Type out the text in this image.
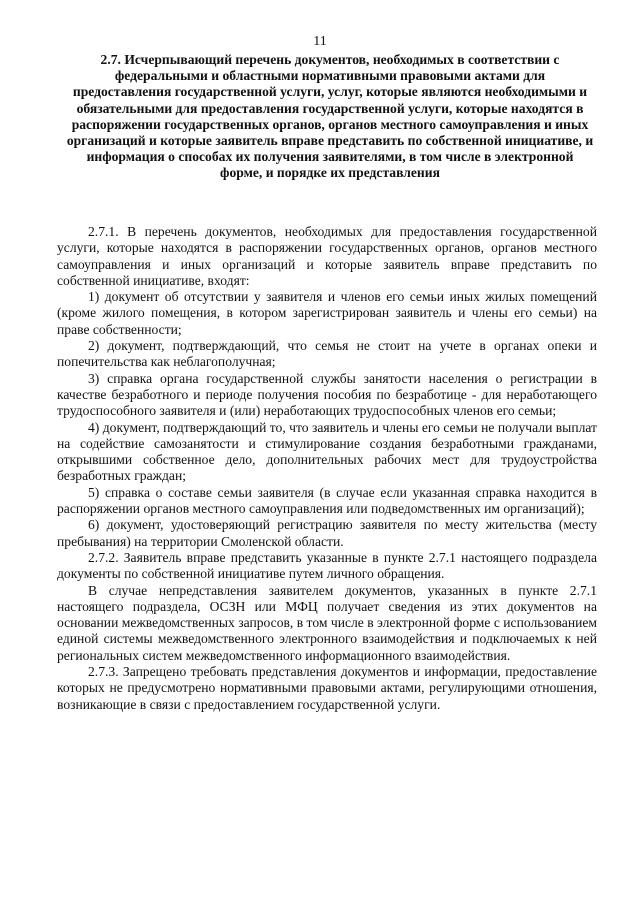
11
2.7. Исчерпывающий перечень документов, необходимых в соответствии с федеральными и областными нормативными правовыми актами для предоставления государственной услуги, услуг, которые являются необходимыми и обязательными для предоставления государственной услуги, которые находятся в распоряжении государственных органов, органов местного самоуправления и иных организаций и которые заявитель вправе представить по собственной инициативе, и информация о способах их получения заявителями, в том числе в электронной форме, и порядке их представления

2.7.1. В перечень документов, необходимых для предоставления государственной услуги, которые находятся в распоряжении государственных органов, органов местного самоуправления и иных организаций и которые заявитель вправе представить по собственной инициативе, входят:

1) документ об отсутствии у заявителя и членов его семьи иных жилых помещений (кроме жилого помещения, в котором зарегистрирован заявитель и члены его семьи) на праве собственности;

2) документ, подтверждающий, что семья не стоит на учете в органах опеки и попечительства как неблагополучная;

3) справка органа государственной службы занятости населения о регистрации в качестве безработного и периоде получения пособия по безработице - для неработающего трудоспособного заявителя и (или) неработающих трудоспособных членов его семьи;

4) документ, подтверждающий то, что заявитель и члены его семьи не получали выплат на содействие самозанятости и стимулирование создания безработными гражданами, открывшими собственное дело, дополнительных рабочих мест для трудоустройства безработных граждан;

5) справка о составе семьи заявителя (в случае если указанная справка находится в распоряжении органов местного самоуправления или подведомственных им организаций);

6) документ, удостоверяющий регистрацию заявителя по месту жительства (месту пребывания) на территории Смоленской области.

2.7.2. Заявитель вправе представить указанные в пункте 2.7.1 настоящего подраздела документы по собственной инициативе путем личного обращения.

В случае непредставления заявителем документов, указанных в пункте 2.7.1 настоящего подраздела, ОСЗН или МФЦ получает сведения из этих документов на основании межведомственных запросов, в том числе в электронной форме с использованием единой системы межведомственного электронного взаимодействия и подключаемых к ней региональных систем межведомственного информационного взаимодействия.

2.7.3. Запрещено требовать представления документов и информации, предоставление которых не предусмотрено нормативными правовыми актами, регулирующими отношения, возникающие в связи с предоставлением государственной услуги.
